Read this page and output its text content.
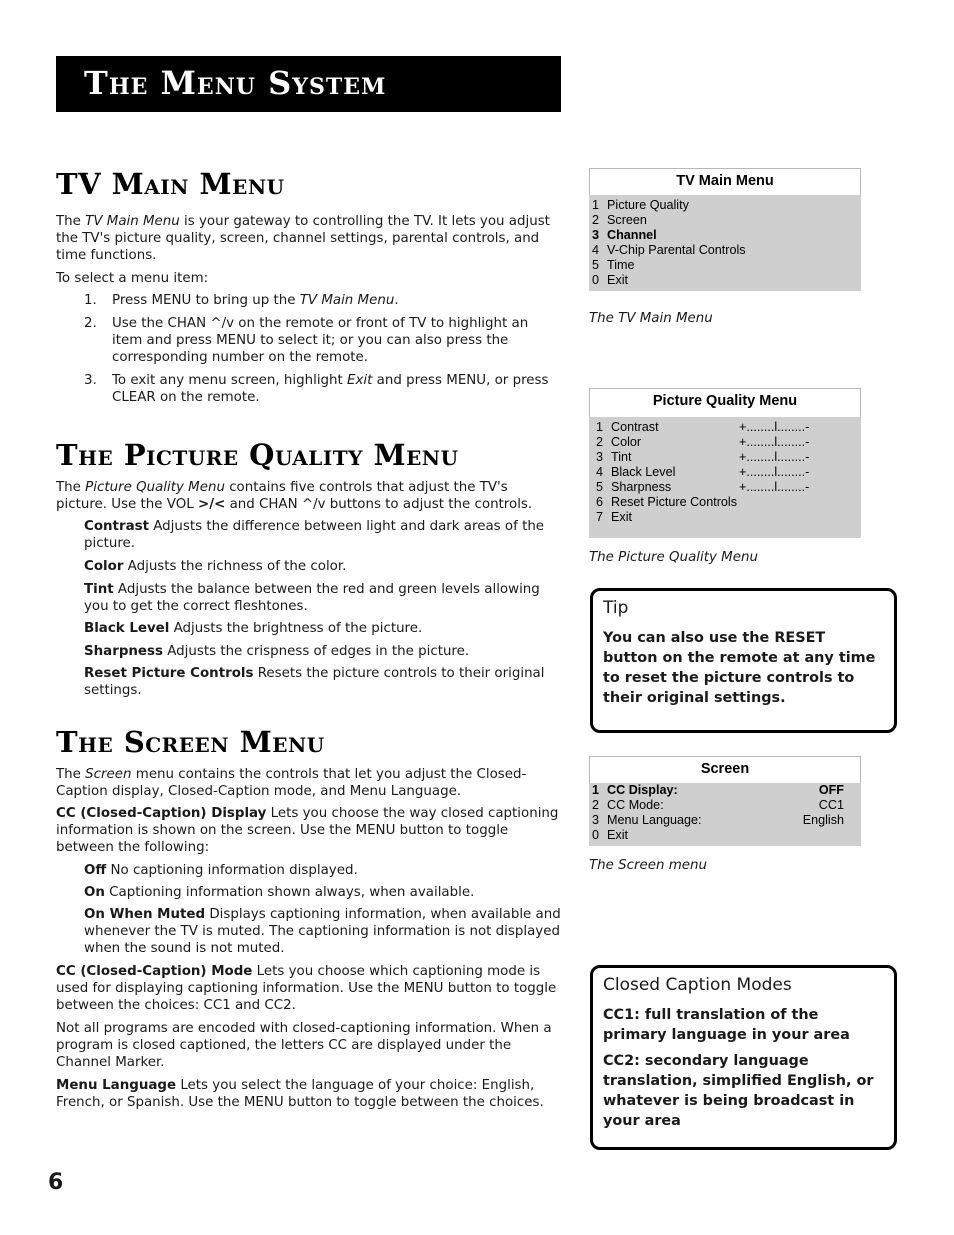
The Menu System
TV Main Menu

The TV Main Menu is your gateway to controlling the TV. It lets you adjust the TV's picture quality, screen, channel settings, parental controls, and time functions.

To select a menu item:

1. Press MENU to bring up the TV Main Menu.
2. Use the CHAN ^/v on the remote or front of TV to highlight an item and press MENU to select it; or you can also press the corresponding number on the remote.
3. To exit any menu screen, highlight Exit and press MENU, or press CLEAR on the remote.
The Picture Quality Menu

The Picture Quality Menu contains five controls that adjust the TV's picture. Use the VOL >/< and CHAN ^/v buttons to adjust the controls.

Contrast Adjusts the difference between light and dark areas of the picture.

Color Adjusts the richness of the color.

Tint Adjusts the balance between the red and green levels allowing you to get the correct fleshtones.

Black Level Adjusts the brightness of the picture.

Sharpness Adjusts the crispness of edges in the picture.

Reset Picture Controls Resets the picture controls to their original settings.

The Screen Menu

The Screen menu contains the controls that let you adjust the Closed-Caption display, Closed-Caption mode, and Menu Language.

CC (Closed-Caption) Display Lets you choose the way closed captioning information is shown on the screen. Use the MENU button to toggle between the following:

Off No captioning information displayed.

On Captioning information shown always, when available.

On When Muted Displays captioning information, when available and whenever the TV is muted. The captioning information is not displayed when the sound is not muted.

CC (Closed-Caption) Mode Lets you choose which captioning mode is used for displaying captioning information. Use the MENU button to toggle between the choices: CC1 and CC2.

Not all programs are encoded with closed-captioning information. When a program is closed captioned, the letters CC are displayed under the Channel Marker.

Menu Language Lets you select the language of your choice: English, French, or Spanish. Use the MENU button to toggle between the choices.

TV Main Menu
1 Picture Quality
2 Screen
3 Channel
4 V-Chip Parental Controls
5 Time
0 Exit
The TV Main Menu
Picture Quality Menu
1 Contrast	+........l........-
2 Color	+........l........-
3 Tint	+........l........-
4 Black Level	+........l........-
5 Sharpness	+........l........-
6 Reset Picture Controls
7 Exit
The Picture Quality Menu
Tip
You can also use the RESET button on the remote at any time to reset the picture controls to their original settings.
Screen
1 CC Display:	OFF
2 CC Mode:	CC1
3 Menu Language:	English
0 Exit
The Screen menu
Closed Caption Modes
CC1: full translation of the primary language in your area
CC2: secondary language translation, simplified English, or whatever is being broadcast in your area
6
